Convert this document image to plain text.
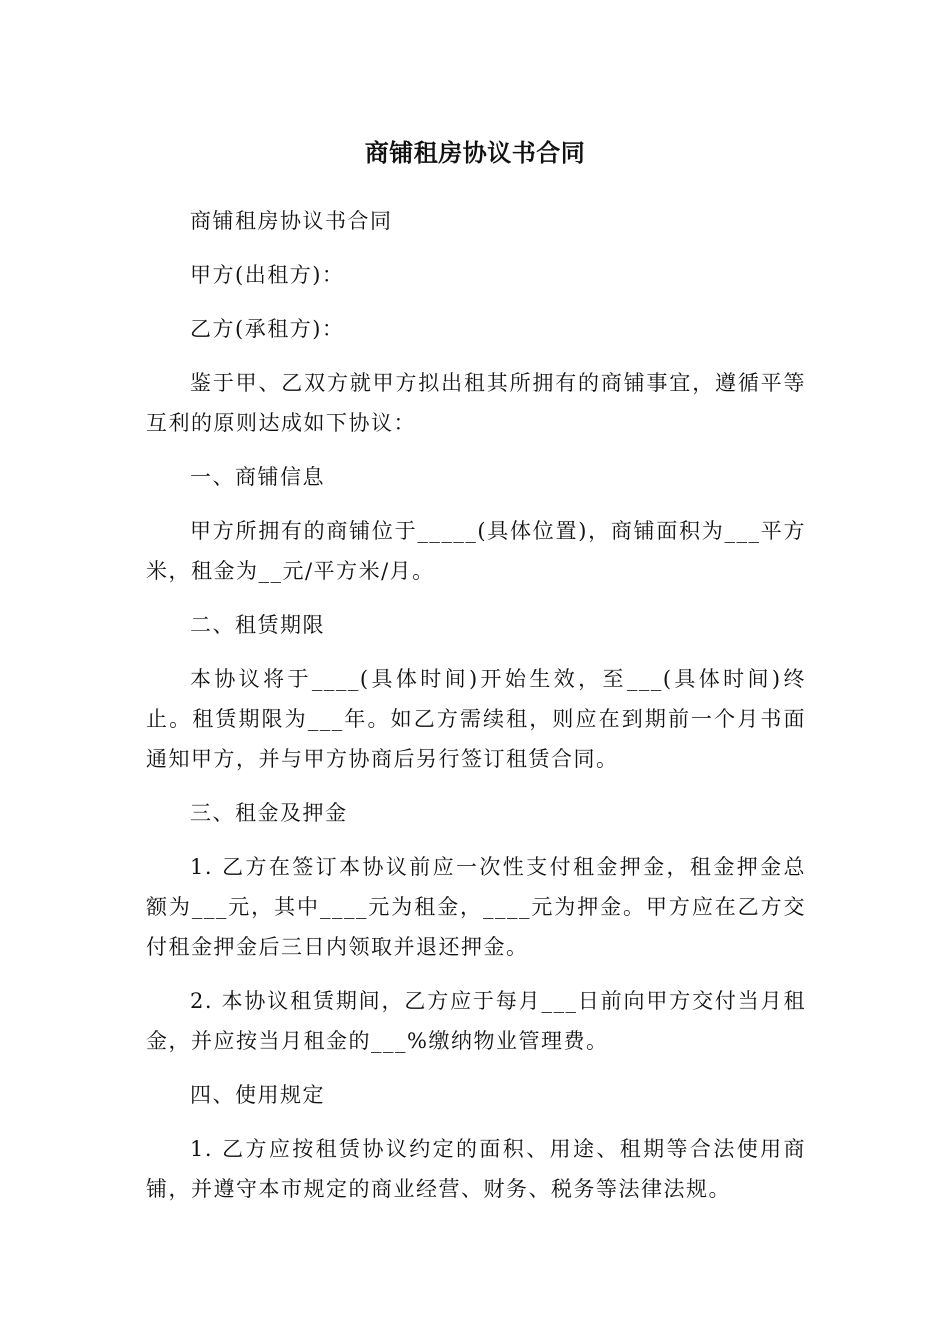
商铺租房协议书合同

商铺租房协议书合同

甲方(出租方)：

乙方(承租方)：

鉴于甲、乙双方就甲方拟出租其所拥有的商铺事宜，遵循平等互利的原则达成如下协议：

一、商铺信息

甲方所拥有的商铺位于_____(具体位置)，商铺面积为___平方米，租金为__元/平方米/月。

二、租赁期限

本协议将于____(具体时间)开始生效，至___(具体时间)终止。租赁期限为___年。如乙方需续租，则应在到期前一个月书面通知甲方，并与甲方协商后另行签订租赁合同。

三、租金及押金

1. 乙方在签订本协议前应一次性支付租金押金，租金押金总额为___元，其中____元为租金，____元为押金。甲方应在乙方交付租金押金后三日内领取并退还押金。

2. 本协议租赁期间，乙方应于每月___日前向甲方交付当月租金，并应按当月租金的___%缴纳物业管理费。

四、使用规定

1. 乙方应按租赁协议约定的面积、用途、租期等合法使用商铺，并遵守本市规定的商业经营、财务、税务等法律法规。
